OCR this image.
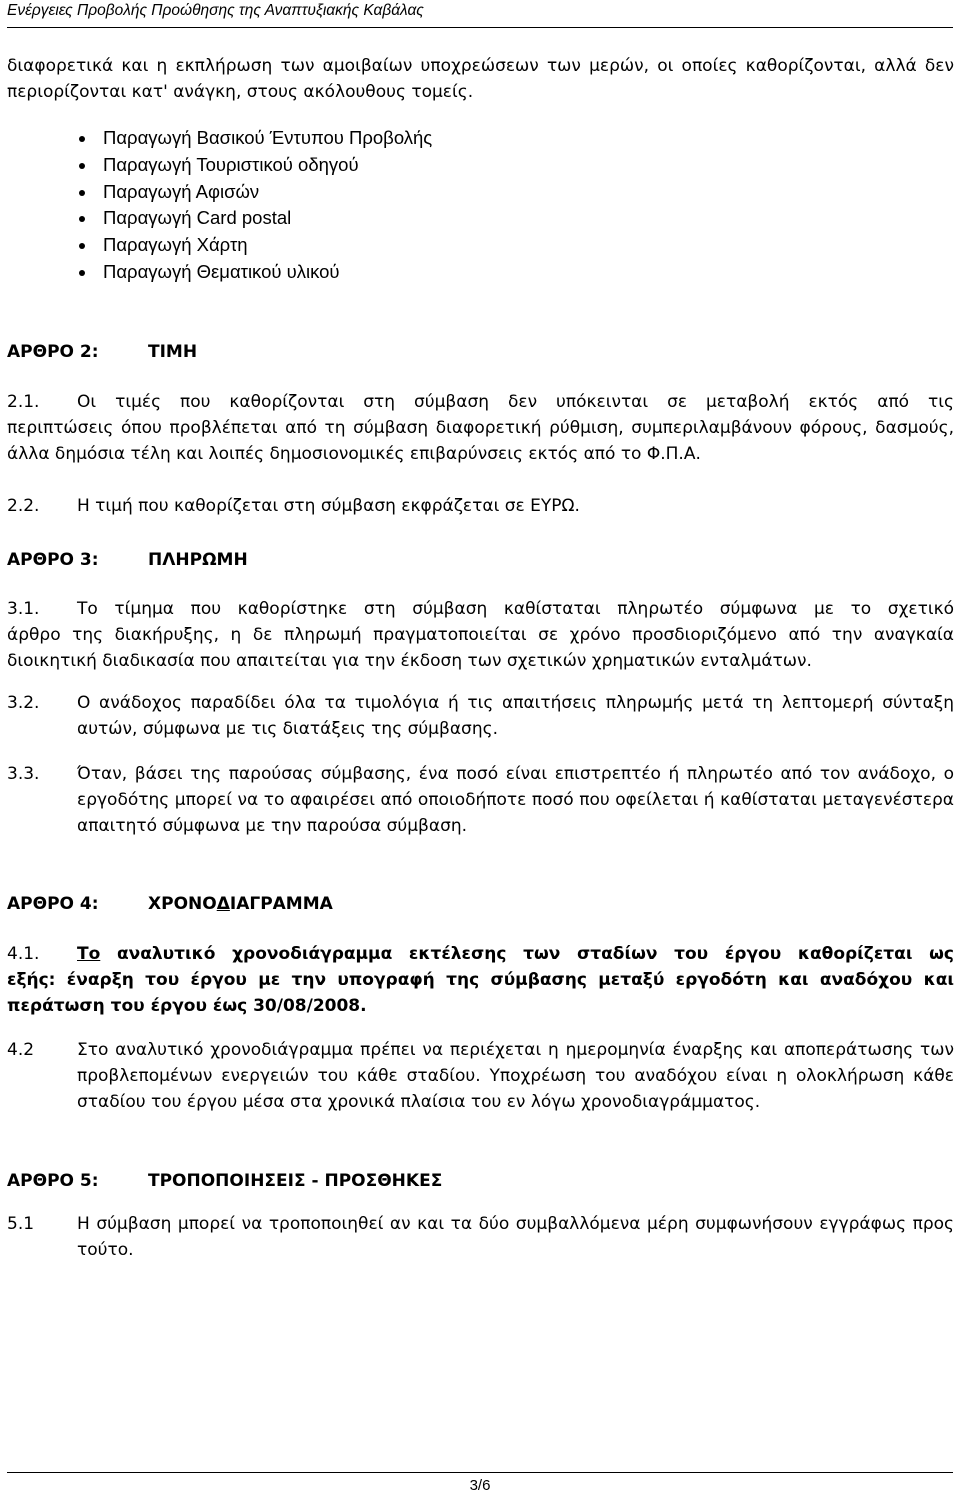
Ενέργειες Προβολής Προώθησης της Αναπτυξιακής Καβάλας

διαφορετικά και η εκπλήρωση των αμοιβαίων υποχρεώσεων των μερών, οι οποίες καθορίζονται, αλλά δεν περιορίζονται κατ' ανάγκη, στους ακόλουθους τομείς.

Παραγωγή Βασικού Έντυπου Προβολής
Παραγωγή Τουριστικού οδηγού
Παραγωγή Αφισών
Παραγωγή Card postal
Παραγωγή Χάρτη
Παραγωγή Θεματικού υλικού
ΑΡΘΡΟ 2:	ΤΙΜΗ
2.1.	Οι τιμές που καθορίζονται στη σύμβαση δεν υπόκεινται σε μεταβολή εκτός από τις
περιπτώσεις όπου προβλέπεται από τη σύμβαση διαφορετική ρύθμιση, συμπεριλαμβάνουν φόρους, δασμούς, άλλα δημόσια τέλη και λοιπές δημοσιονομικές επιβαρύνσεις εκτός από το Φ.Π.Α.
2.2.	Η τιμή που καθορίζεται στη σύμβαση εκφράζεται σε ΕΥΡΩ.
ΑΡΘΡΟ 3:	ΠΛΗΡΩΜΗ
3.1.	Το τίμημα που καθορίστηκε στη σύμβαση καθίσταται πληρωτέο σύμφωνα με το σχετικό
άρθρο της διακήρυξης, η δε πληρωμή πραγματοποιείται σε χρόνο προσδιοριζόμενο από την αναγκαία διοικητική διαδικασία που απαιτείται για την έκδοση των σχετικών χρηματικών ενταλμάτων.
3.2.	Ο ανάδοχος παραδίδει όλα τα τιμολόγια ή τις απαιτήσεις πληρωμής μετά τη λεπτομερή σύνταξη αυτών, σύμφωνα με τις διατάξεις της σύμβασης.
3.3.	Όταν, βάσει της παρούσας σύμβασης, ένα ποσό είναι επιστρεπτέο ή πληρωτέο από τον ανάδοχο, ο εργοδότης μπορεί να το αφαιρέσει από οποιοδήποτε ποσό που οφείλεται ή καθίσταται μεταγενέστερα απαιτητό σύμφωνα με την παρούσα σύμβαση.
ΑΡΘΡΟ 4:	ΧΡΟΝΟΔΙΑΓΡΑΜΜΑ
4.1.	Το αναλυτικό χρονοδιάγραμμα εκτέλεσης των σταδίων του έργου καθορίζεται ως
εξής: έναρξη του έργου με την υπογραφή της σύμβασης μεταξύ εργοδότη και αναδόχου και περάτωση του έργου έως 30/08/2008.
4.2	Στο αναλυτικό χρονοδιάγραμμα πρέπει να περιέχεται η ημερομηνία έναρξης και αποπεράτωσης των προβλεπομένων ενεργειών του κάθε σταδίου. Υποχρέωση του αναδόχου είναι η ολοκλήρωση κάθε σταδίου του έργου μέσα στα χρονικά πλαίσια του εν λόγω χρονοδιαγράμματος.
ΑΡΘΡΟ 5:	ΤΡΟΠΟΠΟΙΗΣΕΙΣ - ΠΡΟΣΘΗΚΕΣ
5.1	Η σύμβαση μπορεί να τροποποιηθεί αν και τα δύο συμβαλλόμενα μέρη συμφωνήσουν εγγράφως προς τούτο.
3/6
